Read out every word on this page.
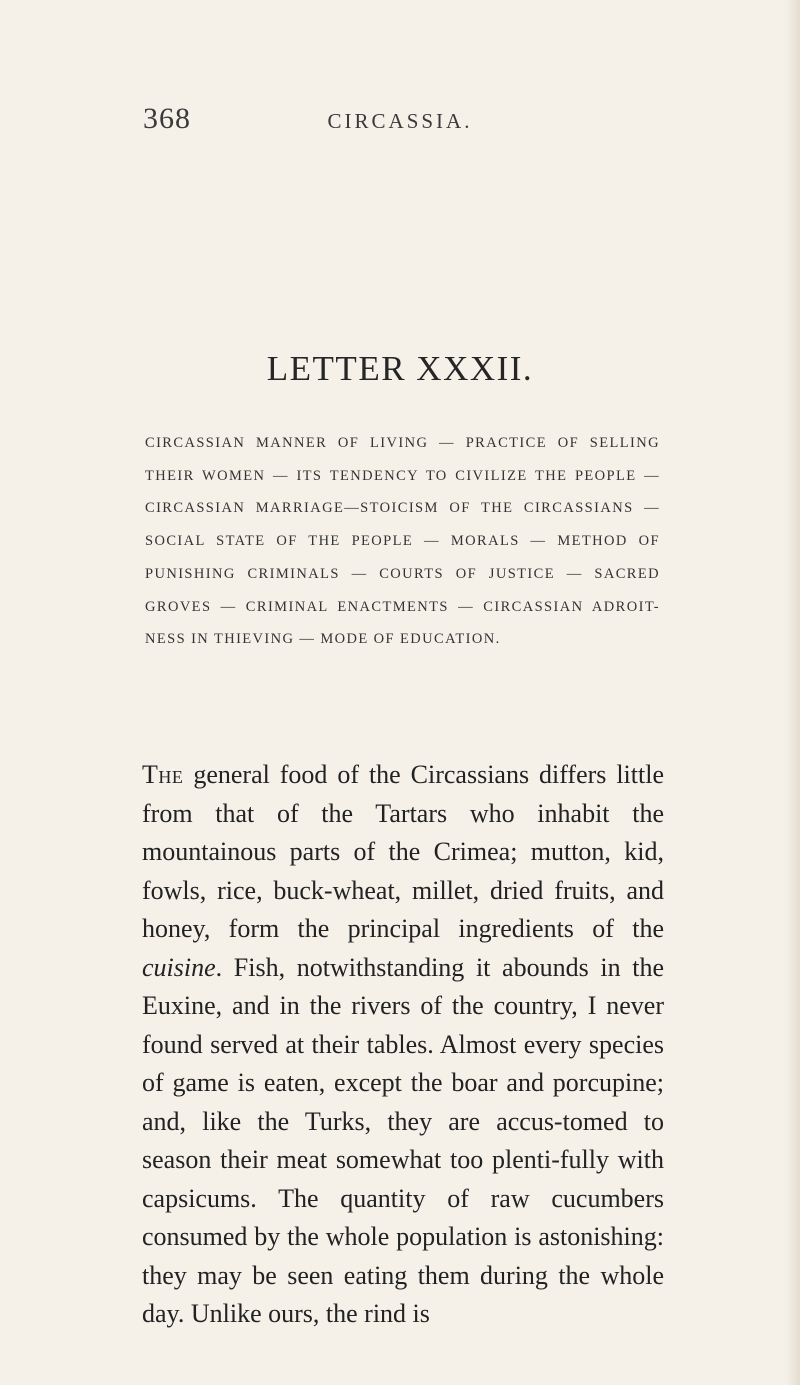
368	CIRCASSIA.
LETTER XXXII.
CIRCASSIAN MANNER OF LIVING — PRACTICE OF SELLING THEIR WOMEN — ITS TENDENCY TO CIVILIZE THE PEOPLE —CIRCASSIAN MARRIAGE—STOICISM OF THE CIRCASSIANS — SOCIAL STATE OF THE PEOPLE — MORALS — METHOD OF PUNISHING CRIMINALS — COURTS OF JUSTICE — SACRED GROVES — CRIMINAL ENACTMENTS — CIRCASSIAN ADROIT-NESS IN THIEVING — MODE OF EDUCATION.
The general food of the Circassians differs little from that of the Tartars who inhabit the mountainous parts of the Crimea; mutton, kid, fowls, rice, buck-wheat, millet, dried fruits, and honey, form the principal ingredients of the cuisine. Fish, notwithstanding it abounds in the Euxine, and in the rivers of the country, I never found served at their tables. Almost every species of game is eaten, except the boar and porcupine; and, like the Turks, they are accus-tomed to season their meat somewhat too plenti-fully with capsicums. The quantity of raw cucumbers consumed by the whole population is astonishing: they may be seen eating them during the whole day. Unlike ours, the rind is
